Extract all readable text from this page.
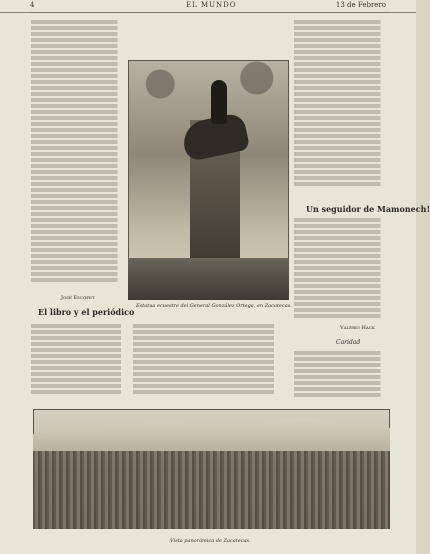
4	EL MUNDO	13 de Febrero
José Escofet
El libro y el periódico
Estatua ecuestre del General González Ortega, en Zacatecas.
Un seguidor de Mamonech!
Valerio Hack
Caridad
Vista panorámica de Zacatecas.
